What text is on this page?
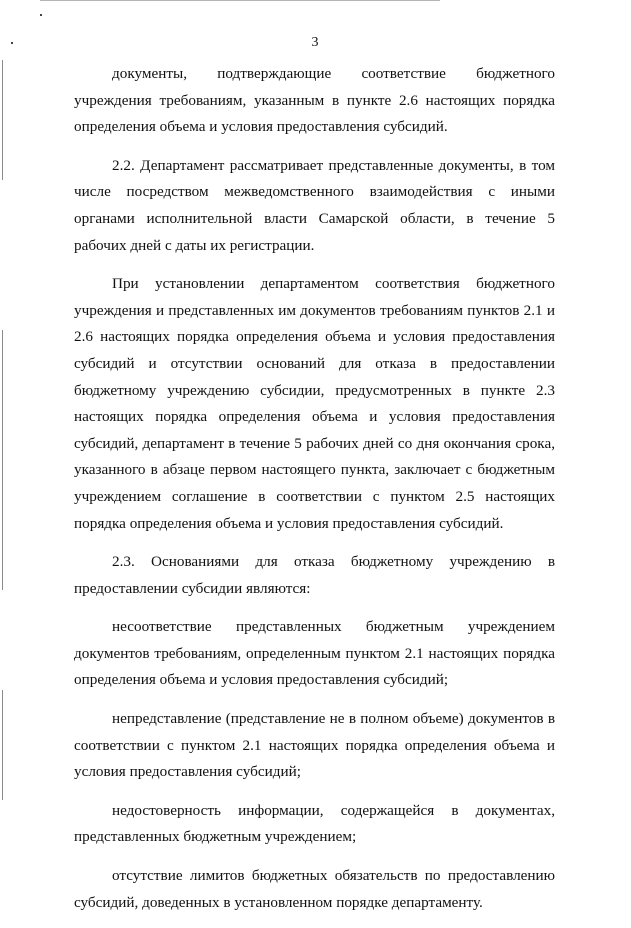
3

документы, подтверждающие соответствие бюджетного учреждения требованиям, указанным в пункте 2.6 настоящих порядка определения объема и условия предоставления субсидий.

2.2. Департамент рассматривает представленные документы, в том числе посредством межведомственного взаимодействия с иными органами исполнительной власти Самарской области, в течение 5 рабочих дней с даты их регистрации.

При установлении департаментом соответствия бюджетного учреждения и представленных им документов требованиям пунктов 2.1 и 2.6 настоящих порядка определения объема и условия предоставления субсидий и отсутствии оснований для отказа в предоставлении бюджетному учреждению субсидии, предусмотренных в пункте 2.3 настоящих порядка определения объема и условия предоставления субсидий, департамент в течение 5 рабочих дней со дня окончания срока, указанного в абзаце первом настоящего пункта, заключает с бюджетным учреждением соглашение в соответствии с пунктом 2.5 настоящих порядка определения объема и условия предоставления субсидий.

2.3. Основаниями для отказа бюджетному учреждению в предоставлении субсидии являются:

несоответствие представленных бюджетным учреждением документов требованиям, определенным пунктом 2.1 настоящих порядка определения объема и условия предоставления субсидий;

непредставление (представление не в полном объеме) документов в соответствии с пунктом 2.1 настоящих порядка определения объема и условия предоставления субсидий;

недостоверность информации, содержащейся в документах, представленных бюджетным учреждением;

отсутствие лимитов бюджетных обязательств по предоставлению субсидий, доведенных в установленном порядке департаменту.
